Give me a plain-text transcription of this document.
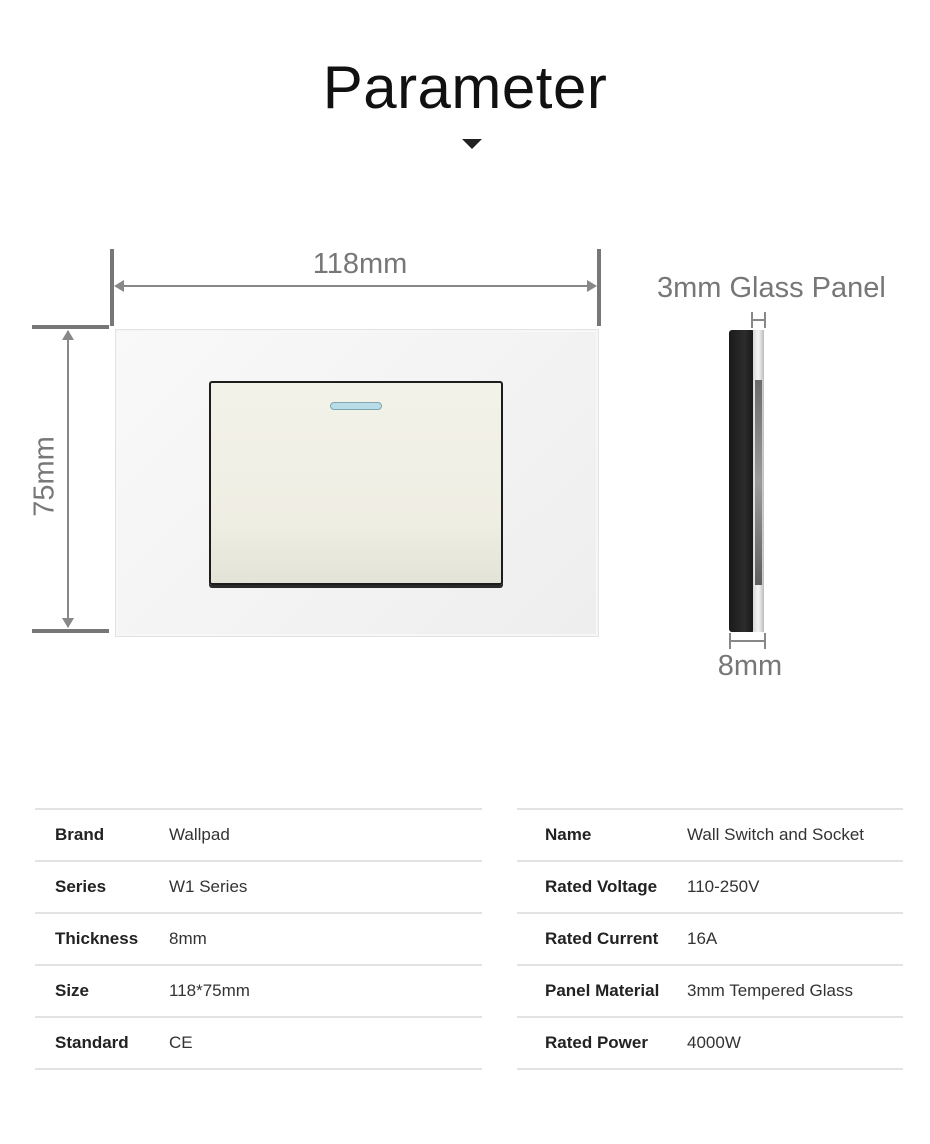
Parameter
118mm
75mm
3mm Glass Panel
8mm
Brand	Wallpad
Series	W1 Series
Thickness 8mm
Size	118*75mm
Standard CE
Name	Wall Switch and Socket
Rated Voltage 110-250V
Rated Current 16A
Panel Material 3mm Tempered Glass
Rated Power 4000W
